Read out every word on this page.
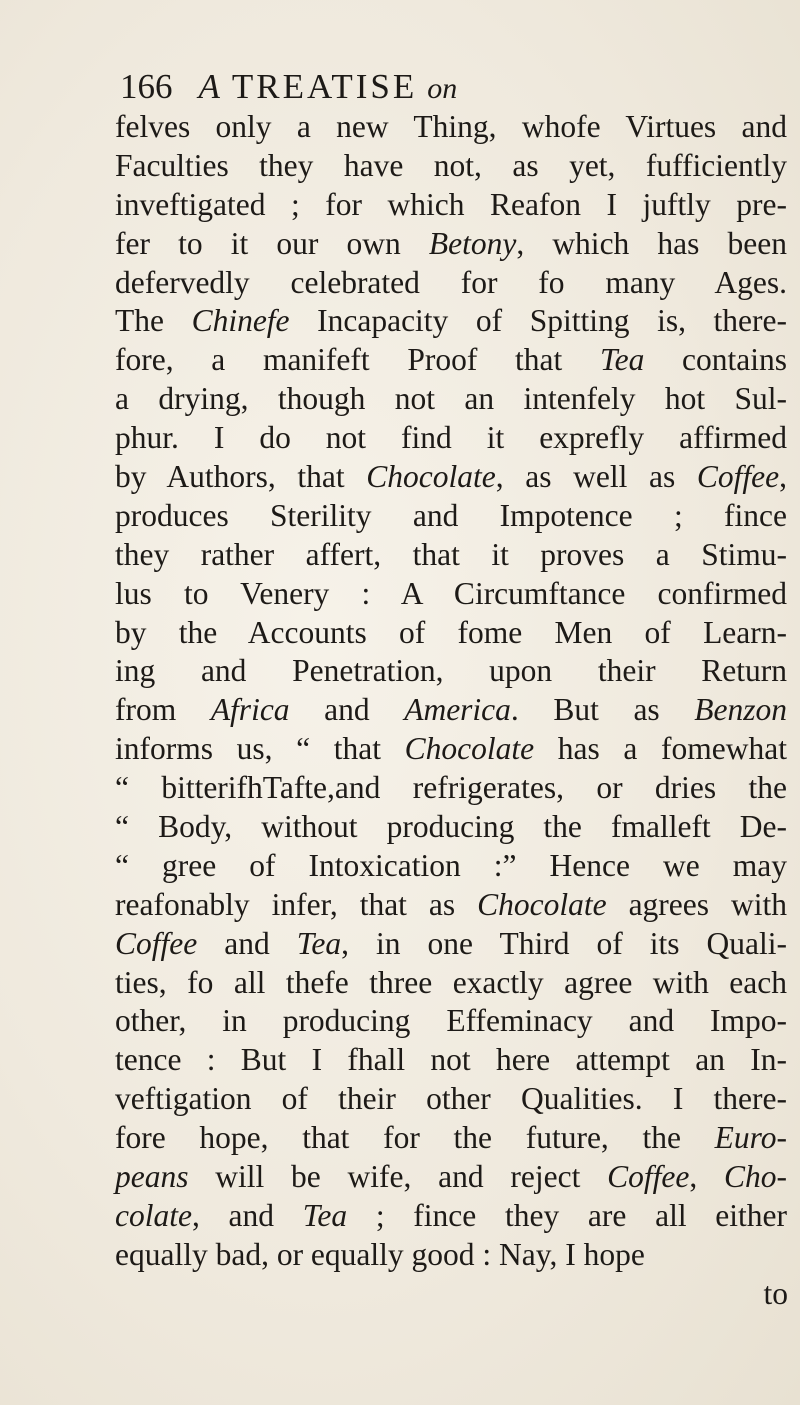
166 A TREATISE on
felves only a new Thing, whofe Virtues and
Faculties they have not, as yet, fufficiently
inveftigated ; for which Reafon I juftly pre-
fer to it our own Betony, which has been
defervedly celebrated for fo many Ages.
The Chinefe Incapacity of Spitting is, there-
fore, a manifeft Proof that Tea contains
a drying, though not an intenfely hot Sul-
phur. I do not find it exprefly affirmed
by Authors, that Chocolate, as well as Coffee,
produces Sterility and Impotence ; fince
they rather affert, that it proves a Stimu-
lus to Venery : A Circumftance confirmed
by the Accounts of fome Men of Learn-
ing and Penetration, upon their Return
from Africa and America. But as Benzon
informs us, “ that Chocolate has a fomewhat
“ bitterifhTafte,and refrigerates, or dries the
“ Body, without producing the fmalleft De-
“ gree of Intoxication :” Hence we may
reafonably infer, that as Chocolate agrees with
Coffee and Tea, in one Third of its Quali-
ties, fo all thefe three exactly agree with each
other, in producing Effeminacy and Impo-
tence : But I fhall not here attempt an In-
veftigation of their other Qualities. I there-
fore hope, that for the future, the Euro-
peans will be wife, and reject Coffee, Cho-
colate, and Tea ; fince they are all either
equally bad, or equally good : Nay, I hope
to
